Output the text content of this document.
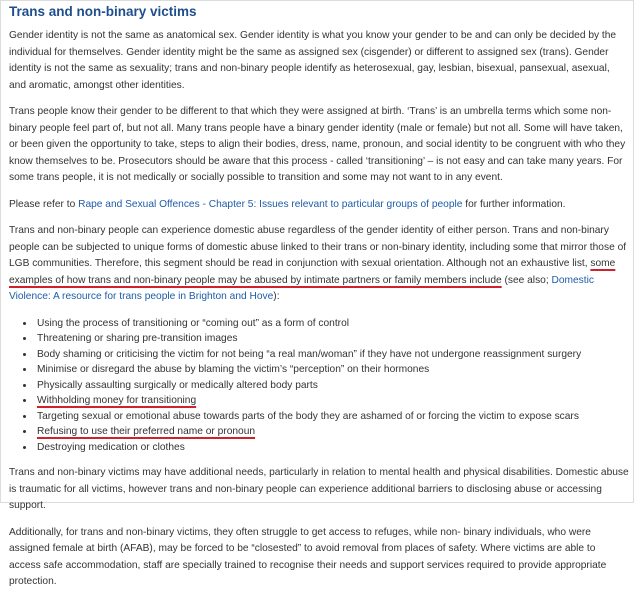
Trans and non-binary victims

Gender identity is not the same as anatomical sex. Gender identity is what you know your gender to be and can only be decided by the individual for themselves. Gender identity might be the same as assigned sex (cisgender) or different to assigned sex (trans). Gender identity is not the same as sexuality; trans and non-binary people identify as heterosexual, gay, lesbian, bisexual, pansexual, asexual, and aromatic, amongst other identities.

Trans people know their gender to be different to that which they were assigned at birth. ‘Trans’ is an umbrella terms which some non-binary people feel part of, but not all. Many trans people have a binary gender identity (male or female) but not all. Some will have taken, or been given the opportunity to take, steps to align their bodies, dress, name, pronoun, and social identity to be congruent with who they know themselves to be. Prosecutors should be aware that this process - called ‘transitioning’ – is not easy and can take many years. For some trans people, it is not medically or socially possible to transition and some may not want to in any event.

Please refer to Rape and Sexual Offences - Chapter 5: Issues relevant to particular groups of people for further information.

Trans and non-binary people can experience domestic abuse regardless of the gender identity of either person. Trans and non-binary people can be subjected to unique forms of domestic abuse linked to their trans or non-binary identity, including some that mirror those of LGB communities. Therefore, this segment should be read in conjunction with sexual orientation. Although not an exhaustive list, some examples of how trans and non-binary people may be abused by intimate partners or family members include (see also; Domestic Violence: A resource for trans people in Brighton and Hove):

• Using the process of transitioning or “coming out” as a form of control
• Threatening or sharing pre-transition images
• Body shaming or criticising the victim for not being “a real man/woman” if they have not undergone reassignment surgery
• Minimise or disregard the abuse by blaming the victim’s “perception” on their hormones
• Physically assaulting surgically or medically altered body parts
• Withholding money for transitioning
• Targeting sexual or emotional abuse towards parts of the body they are ashamed of or forcing the victim to expose scars
• Refusing to use their preferred name or pronoun
• Destroying medication or clothes

Trans and non-binary victims may have additional needs, particularly in relation to mental health and physical disabilities. Domestic abuse is traumatic for all victims, however trans and non-binary people can experience additional barriers to disclosing abuse or accessing support.

Additionally, for trans and non-binary victims, they often struggle to get access to refuges, while non- binary individuals, who were assigned female at birth (AFAB), may be forced to be “closested” to avoid removal from places of safety. Where victims are able to access safe accommodation, staff are specially trained to recognise their needs and support services required to provide appropriate protection.
